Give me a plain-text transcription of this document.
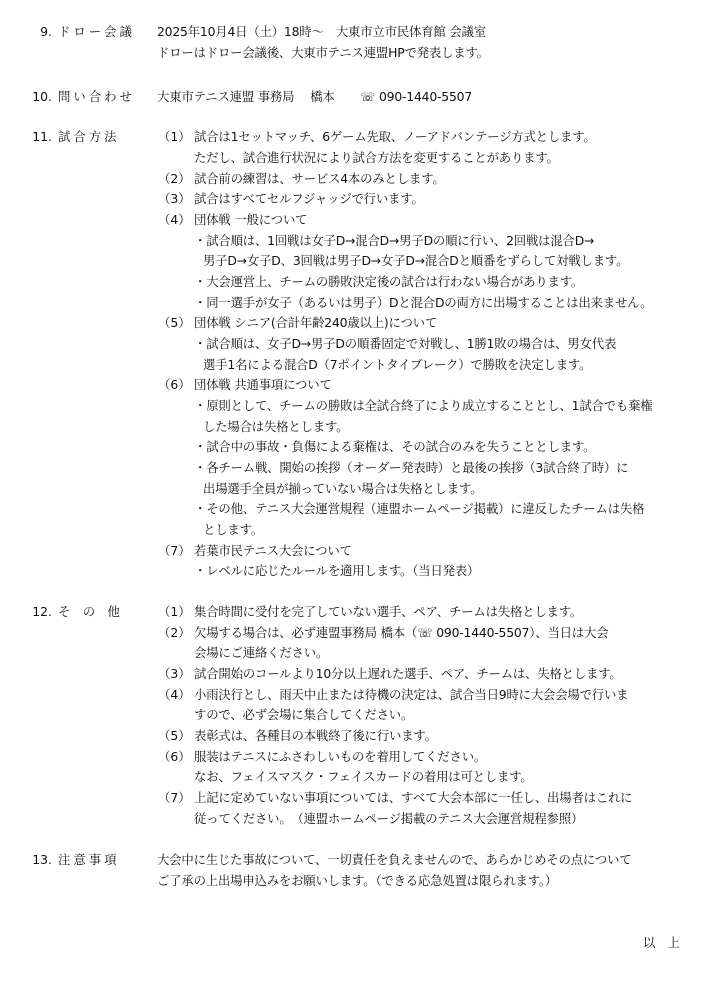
9. ドロー会議 2025年10月4日（土）18時～　大東市立市民体育館 会議室
ドローはドロー会議後、大東市テニス連盟HPで発表します。
10. 問い合わせ 大東市テニス連盟 事務局　 橋本 ☏ 090-1440-5507
11. 試合方法	（1） 試合は1セットマッチ、6ゲーム先取、ノーアドバンテージ方式とします。
ただし、試合進行状況により試合方法を変更することがあります。
（2） 試合前の練習は、サービス4本のみとします。
（3） 試合はすべてセルフジャッジで行います。
（4） 団体戦 一般について
・試合順は、1回戦は女子D→混合D→男子Dの順に行い、2回戦は混合D→
男子D→女子D、3回戦は男子D→女子D→混合Dと順番をずらして対戦します。
・大会運営上、チームの勝敗決定後の試合は行わない場合があります。
・同一選手が女子（あるいは男子）Dと混合Dの両方に出場することは出来ません。
（5） 団体戦 シニア(合計年齢240歳以上)について
・試合順は、女子D→男子Dの順番固定で対戦し、1勝1敗の場合は、男女代表
選手1名による混合D（7ポイントタイブレーク）で勝敗を決定します。
（6） 団体戦 共通事項について
・原則として、チームの勝敗は全試合終了により成立することとし、1試合でも棄権
した場合は失格とします。
・試合中の事故・負傷による棄権は、その試合のみを失うこととします。
・各チーム戦、開始の挨拶（オーダー発表時）と最後の挨拶（3試合終了時）に
出場選手全員が揃っていない場合は失格とします。
・その他、テニス大会運営規程（連盟ホームページ掲載）に違反したチームは失格
とします。
（7） 若葉市民テニス大会について
・レベルに応じたルールを適用します。（当日発表）
12. そ　の　他	（1） 集合時間に受付を完了していない選手、ペア、チームは失格とします。
（2） 欠場する場合は、必ず連盟事務局 橋本（☏ 090-1440-5507）、当日は大会
会場にご連絡ください。
（3） 試合開始のコールより10分以上遅れた選手、ペア、チームは、失格とします。
（4） 小雨決行とし、雨天中止または待機の決定は、試合当日9時に大会会場で行いま
すので、必ず会場に集合してください。
（5） 表彰式は、各種目の本戦終了後に行います。
（6） 服装はテニスにふさわしいものを着用してください。
なお、フェイスマスク・フェイスカードの着用は可とします。
（7） 上記に定めていない事項については、すべて大会本部に一任し、出場者はこれに
従ってください。　（連盟ホームページ掲載のテニス大会運営規程参照）
13. 注意事項	大会中に生じた事故について、一切責任を負えませんので、あらかじめその点について
ご了承の上出場申込みをお願いします。（できる応急処置は限られます。）
以　上
